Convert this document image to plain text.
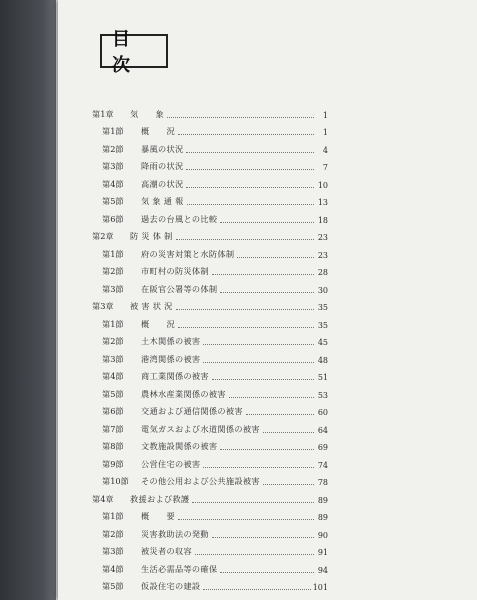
目 次
第1章	気　　象	1
第1節	概　　況	1
第2節	暴風の状況	4
第3節	降雨の状況	7
第4節	高潮の状況	10
第5節	気 象 通 報	13
第6節	過去の台風との比較	18
第2章	防 災 体 制	23
第1節	府の災害対策と水防体制	23
第2節	市町村の防災体制	28
第3節	在阪官公署等の体制	30
第3章	被 害 状 況	35
第1節	概　　況	35
第2節	土木関係の被害	45
第3節	港湾関係の被害	48
第4節	商工業関係の被害	51
第5節	農林水産業関係の被害	53
第6節	交通および通信関係の被害	60
第7節	電気ガスおよび水道関係の被害	64
第8節	文教施設関係の被害	69
第9節	公営住宅の被害	74
第10節	その他公用および公共施設被害	78
第4章	救援および救護	89
第1節	概　　要	89
第2節	災害救助法の発動	90
第3節	被災者の収容	91
第4節	生活必需品等の確保	94
第5節	仮設住宅の建設	101
